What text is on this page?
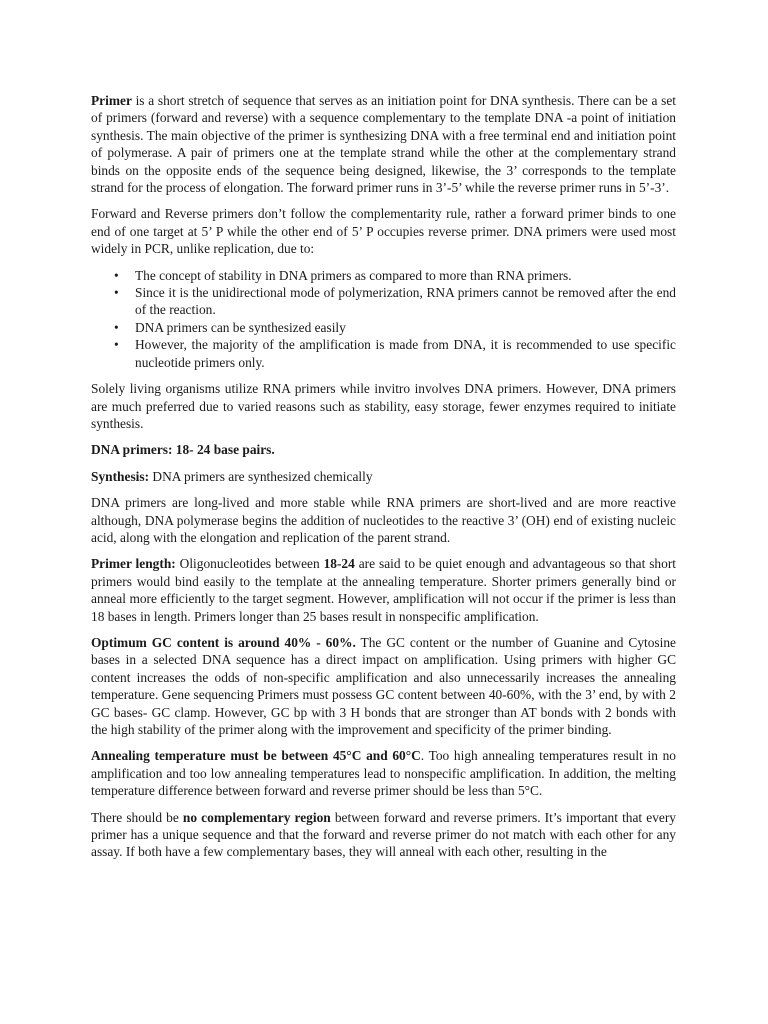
Primer is a short stretch of sequence that serves as an initiation point for DNA synthesis. There can be a set of primers (forward and reverse) with a sequence complementary to the template DNA -a point of initiation synthesis. The main objective of the primer is synthesizing DNA with a free terminal end and initiation point of polymerase. A pair of primers one at the template strand while the other at the complementary strand binds on the opposite ends of the sequence being designed, likewise, the 3’ corresponds to the template strand for the process of elongation. The forward primer runs in 3’-5’ while the reverse primer runs in 5’-3’.

Forward and Reverse primers don’t follow the complementarity rule, rather a forward primer binds to one end of one target at 5’ P while the other end of 5’ P occupies reverse primer. DNA primers were used most widely in PCR, unlike replication, due to:

• The concept of stability in DNA primers as compared to more than RNA primers.
• Since it is the unidirectional mode of polymerization, RNA primers cannot be removed after the end of the reaction.
• DNA primers can be synthesized easily
• However, the majority of the amplification is made from DNA, it is recommended to use specific nucleotide primers only.

Solely living organisms utilize RNA primers while invitro involves DNA primers. However, DNA primers are much preferred due to varied reasons such as stability, easy storage, fewer enzymes required to initiate synthesis.

DNA primers: 18- 24 base pairs.

Synthesis: DNA primers are synthesized chemically

DNA primers are long-lived and more stable while RNA primers are short-lived and are more reactive although, DNA polymerase begins the addition of nucleotides to the reactive 3’ (OH) end of existing nucleic acid, along with the elongation and replication of the parent strand.

Primer length: Oligonucleotides between 18-24 are said to be quiet enough and advantageous so that short primers would bind easily to the template at the annealing temperature. Shorter primers generally bind or anneal more efficiently to the target segment. However, amplification will not occur if the primer is less than 18 bases in length. Primers longer than 25 bases result in nonspecific amplification.

Optimum GC content is around 40% - 60%. The GC content or the number of Guanine and Cytosine bases in a selected DNA sequence has a direct impact on amplification. Using primers with higher GC content increases the odds of non-specific amplification and also unnecessarily increases the annealing temperature. Gene sequencing Primers must possess GC content between 40-60%, with the 3’ end, by with 2 GC bases- GC clamp. However, GC bp with 3 H bonds that are stronger than AT bonds with 2 bonds with the high stability of the primer along with the improvement and specificity of the primer binding.

Annealing temperature must be between 45°C and 60°C. Too high annealing temperatures result in no amplification and too low annealing temperatures lead to nonspecific amplification. In addition, the melting temperature difference between forward and reverse primer should be less than 5°C.

There should be no complementary region between forward and reverse primers. It’s important that every primer has a unique sequence and that the forward and reverse primer do not match with each other for any assay. If both have a few complementary bases, they will anneal with each other, resulting in the
